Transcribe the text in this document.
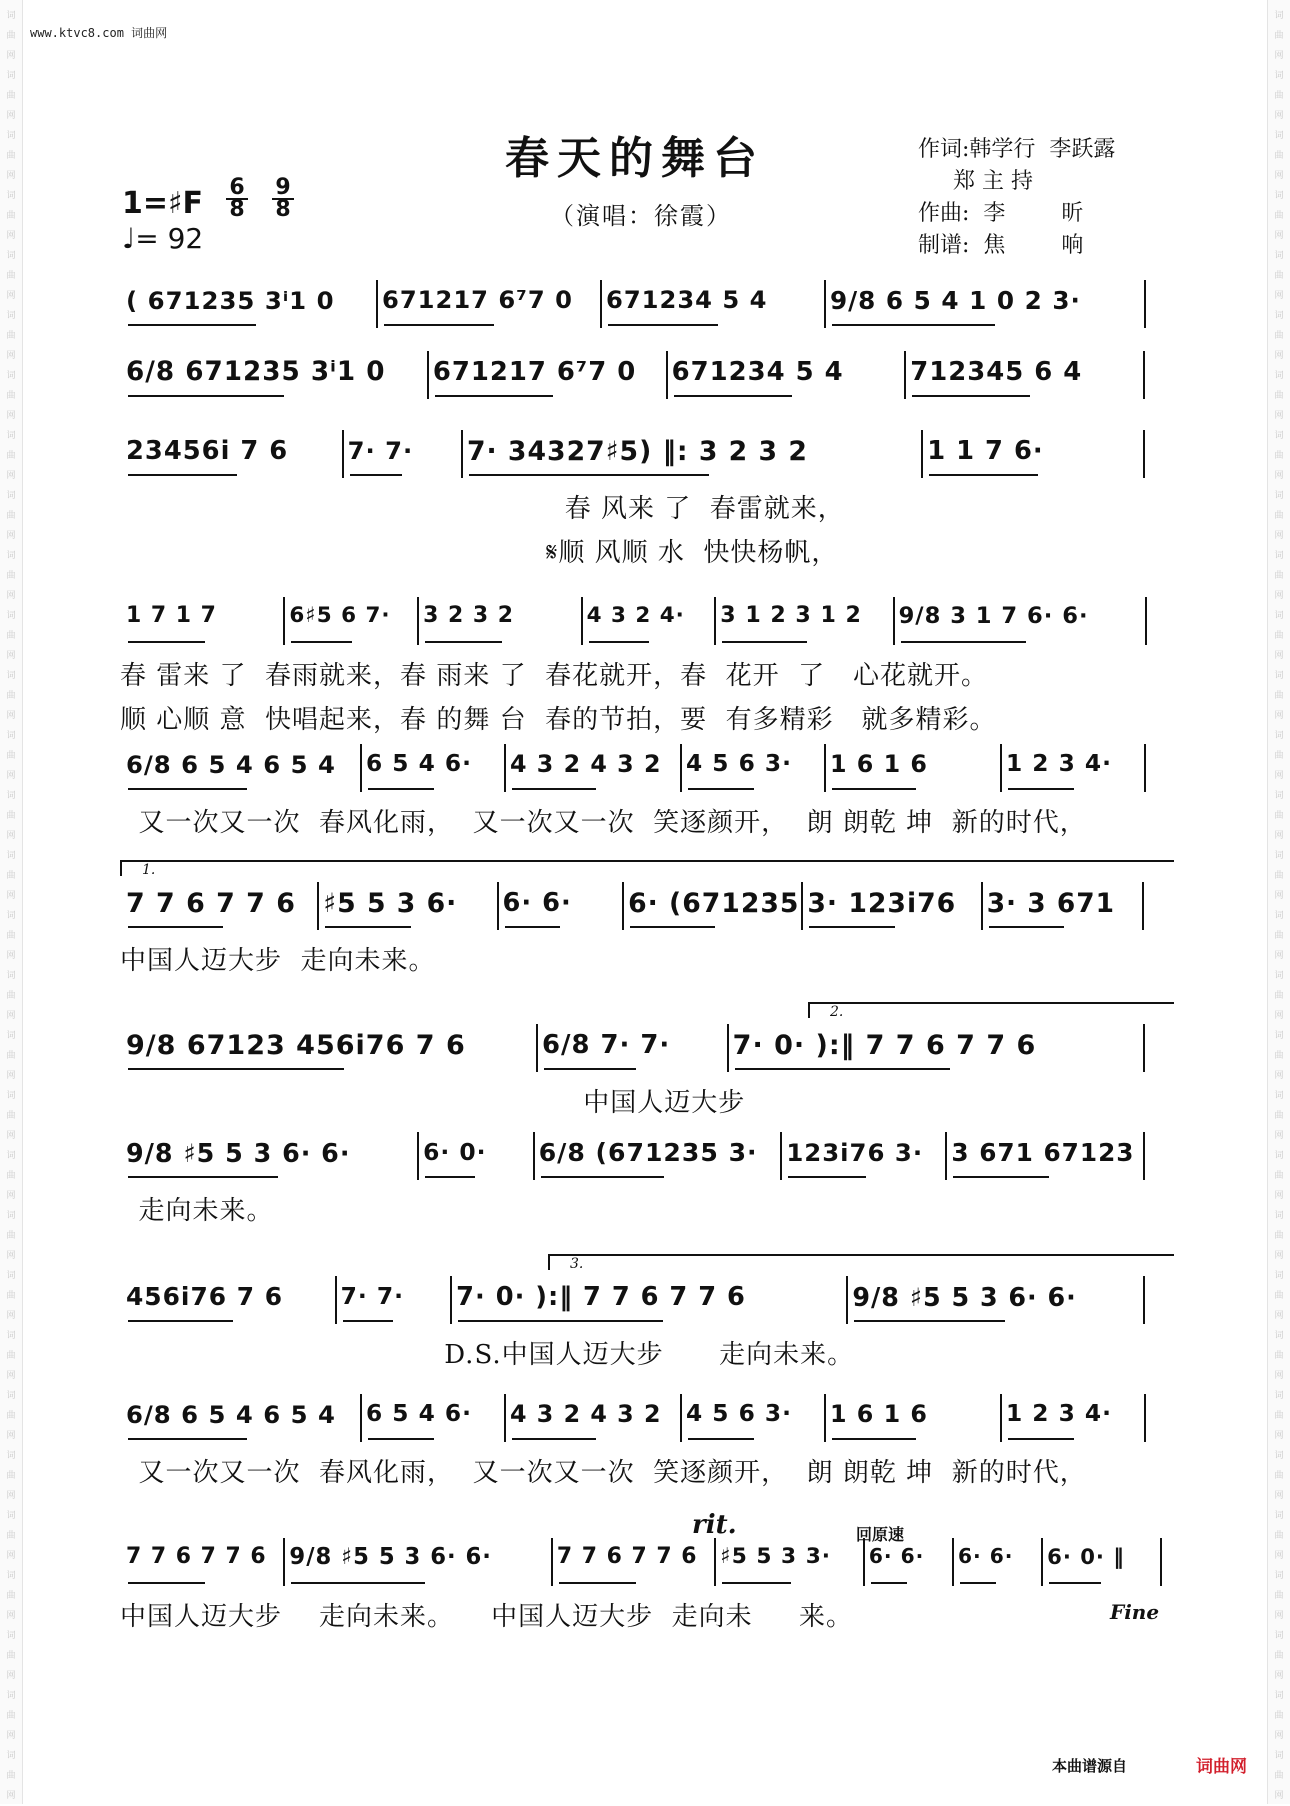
词
曲
网
词
曲
网
词
曲
网
词
曲
网
词
曲
网
词
曲
网
词
曲
网
词
曲
网
词
曲
网
词
曲
网
词
曲
网
词
曲
网
词
曲
网
词
曲
网
词
曲
网
词
曲
网
词
曲
网
词
曲
网
词
曲
网
词
曲
网
词
曲
网
词
曲
网
词
曲
网
词
曲
网
词
曲
网
词
曲
网
词
曲
网
词
曲
网
词
曲
网
词
曲
网

词
曲
网
词
曲
网
词
曲
网
词
曲
网
词
曲
网
词
曲
网
词
曲
网
词
曲
网
词
曲
网
词
曲
网
词
曲
网
词
曲
网
词
曲
网
词
曲
网
词
曲
网
词
曲
网
词
曲
网
词
曲
网
词
曲
网
词
曲
网
词
曲
网
词
曲
网
词
曲
网
词
曲
网
词
曲
网
词
曲
网
词
曲
网
词
曲
网
词
曲
网
词
曲
网

www.ktvc8.com 词曲网
春天的舞台
（演唱：徐霞）
作词:韩学行  李跃露
郑 主 持
作曲:  李        昕
制谱:  焦        响
1=♯F 6
8
9
8
♩= 92
( 671235 3ⁱ1 0	671217 6⁷7 0	671234 5 4	9/8 6 5 4 1 0 2 3·
6/8 671235 3ⁱ1 0	671217 6⁷7 0	671234 5 4	712345 6 4
23456i 7 6	7· 7·	7· 34327♯5) ‖: 3 2 3 2	1 1 7 6·
春 风来 了  春雷就来，
𝄋顺 风顺 水  快快杨帆，
1 7 1 7	6♯5 6 7·	3 2 3 2	4 3 2 4·	3 1 2 3 1 2	9/8 3 1 7 6· 6·
春 雷来 了  春雨就来，春 雨来 了  春花就开，春  花开  了   心花就开。
顺 心顺 意  快唱起来，春 的舞 台  春的节拍，要  有多精彩   就多精彩。
6/8 6 5 4 6 5 4	6 5 4 6·	4 3 2 4 3 2	4 5 6 3·	1 6 1 6	1 2 3 4·
又一次又一次  春风化雨，  又一次又一次  笑逐颜开，  朗 朗乾 坤  新的时代，
7 7 6 7 7 6	♯5 5 3 6·	6· 6·	6· (671235 3· 123i76	3· 3 671
1.
中国人迈大步  走向未来。
9/8 67123 456i76 7 6	6/8 7· 7·	7· 0· ):‖ 7 7 6 7 7 6
2.
中国人迈大步
9/8 ♯5 5 3 6· 6·	6· 0·	6/8 (671235 3·	123i76 3·	3 671 67123
走向未来。
456i76 7 6	7· 7·	7· 0· ):‖ 7 7 6 7 7 6	9/8 ♯5 5 3 6· 6·
3.
D.S.中国人迈大步      走向未来。
6/8 6 5 4 6 5 4	6 5 4 6·	4 3 2 4 3 2	4 5 6 3·	1 6 1 6	1 2 3 4·
又一次又一次  春风化雨，  又一次又一次  笑逐颜开，  朗 朗乾 坤  新的时代，
7 7 6 7 7 6	9/8 ♯5 5 3 6· 6·	7 7 6 7 7 6	♯5 5 3 3·	6· 6·	6· 6·	6· 0· ‖
rit.	回原速
Fine
中国人迈大步    走向未来。    中国人迈大步  走向未     来。
本曲谱源自	词曲网
